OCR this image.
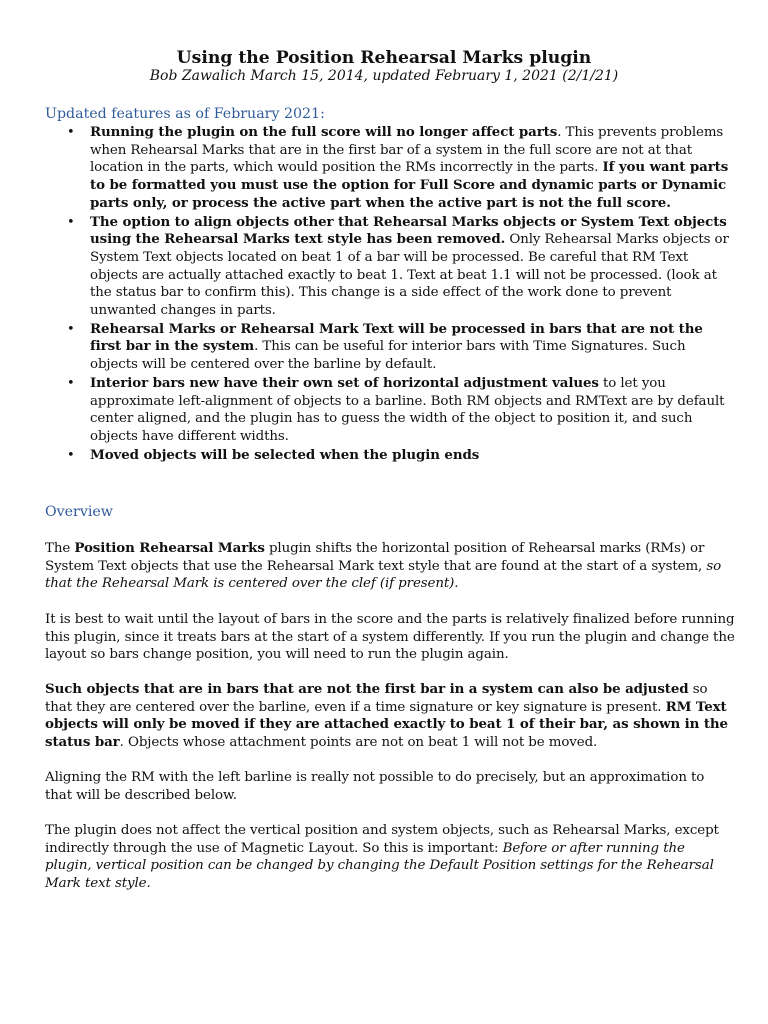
Using the Position Rehearsal Marks plugin
Bob Zawalich March 15, 2014, updated February 1, 2021 (2/1/21)
Updated features as of February 2021:
• Running the plugin on the full score will no longer affect parts. This prevents problems when Rehearsal Marks that are in the first bar of a system in the full score are not at that location in the parts, which would position the RMs incorrectly in the parts. If you want parts to be formatted you must use the option for Full Score and dynamic parts or Dynamic parts only, or process the active part when the active part is not the full score.
• The option to align objects other that Rehearsal Marks objects or System Text objects using the Rehearsal Marks text style has been removed. Only Rehearsal Marks objects or System Text objects located on beat 1 of a bar will be processed. Be careful that RM Text objects are actually attached exactly to beat 1. Text at beat 1.1 will not be processed. (look at the status bar to confirm this). This change is a side effect of the work done to prevent unwanted changes in parts.
• Rehearsal Marks or Rehearsal Mark Text will be processed in bars that are not the first bar in the system. This can be useful for interior bars with Time Signatures. Such objects will be centered over the barline by default.
• Interior bars new have their own set of horizontal adjustment values to let you approximate left-alignment of objects to a barline. Both RM objects and RMText are by default center aligned, and the plugin has to guess the width of the object to position it, and such objects have different widths.
• Moved objects will be selected when the plugin ends
Overview

The Position Rehearsal Marks plugin shifts the horizontal position of Rehearsal marks (RMs) or System Text objects that use the Rehearsal Mark text style that are found at the start of a system, so that the Rehearsal Mark is centered over the clef (if present).

It is best to wait until the layout of bars in the score and the parts is relatively finalized before running this plugin, since it treats bars at the start of a system differently. If you run the plugin and change the layout so bars change position, you will need to run the plugin again.

Such objects that are in bars that are not the first bar in a system can also be adjusted so that they are centered over the barline, even if a time signature or key signature is present. RM Text objects will only be moved if they are attached exactly to beat 1 of their bar, as shown in the status bar. Objects whose attachment points are not on beat 1 will not be moved.

Aligning the RM with the left barline is really not possible to do precisely, but an approximation to that will be described below.

The plugin does not affect the vertical position and system objects, such as Rehearsal Marks, except indirectly through the use of Magnetic Layout. So this is important: Before or after running the plugin, vertical position can be changed by changing the Default Position settings for the Rehearsal Mark text style.
